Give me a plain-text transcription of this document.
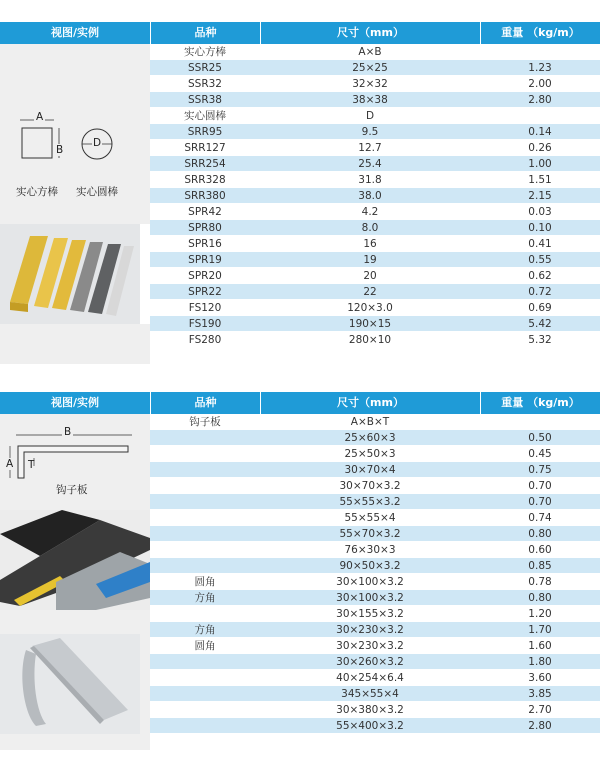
视图/实例	品种	尺寸（mm）	重量 （kg/m）
A
B
D
实心方棒 实心圆棒
实心方棒	A×B
SSR25	25×25	1.23
SSR32	32×32	2.00
SSR38	38×38	2.80
实心圆棒	D
SRR95	9.5	0.14
SRR127	12.7	0.26
SRR254	25.4	1.00
SRR328	31.8	1.51
SRR380	38.0	2.15
SPR42	4.2	0.03
SPR80	8.0	0.10
SPR16	16	0.41
SPR19	19	0.55
SPR20	20	0.62
SPR22	22	0.72
FS120	120×3.0	0.69
FS190	190×15	5.42
FS280	280×10	5.32
视图/实例	品种	尺寸（mm）	重量 （kg/m）
B
A T
钩子板
钩子板	A×B×T
25×60×3	0.50
25×50×3	0.45
30×70×4	0.75
30×70×3.2	0.70
55×55×3.2	0.70
55×55×4	0.74
55×70×3.2	0.80
76×30×3	0.60
90×50×3.2	0.85
圆角	30×100×3.2	0.78
方角	30×100×3.2	0.80
30×155×3.2	1.20
方角	30×230×3.2	1.70
圆角	30×230×3.2	1.60
30×260×3.2	1.80
40×254×6.4	3.60
345×55×4	3.85
30×380×3.2	2.70
55×400×3.2	2.80
